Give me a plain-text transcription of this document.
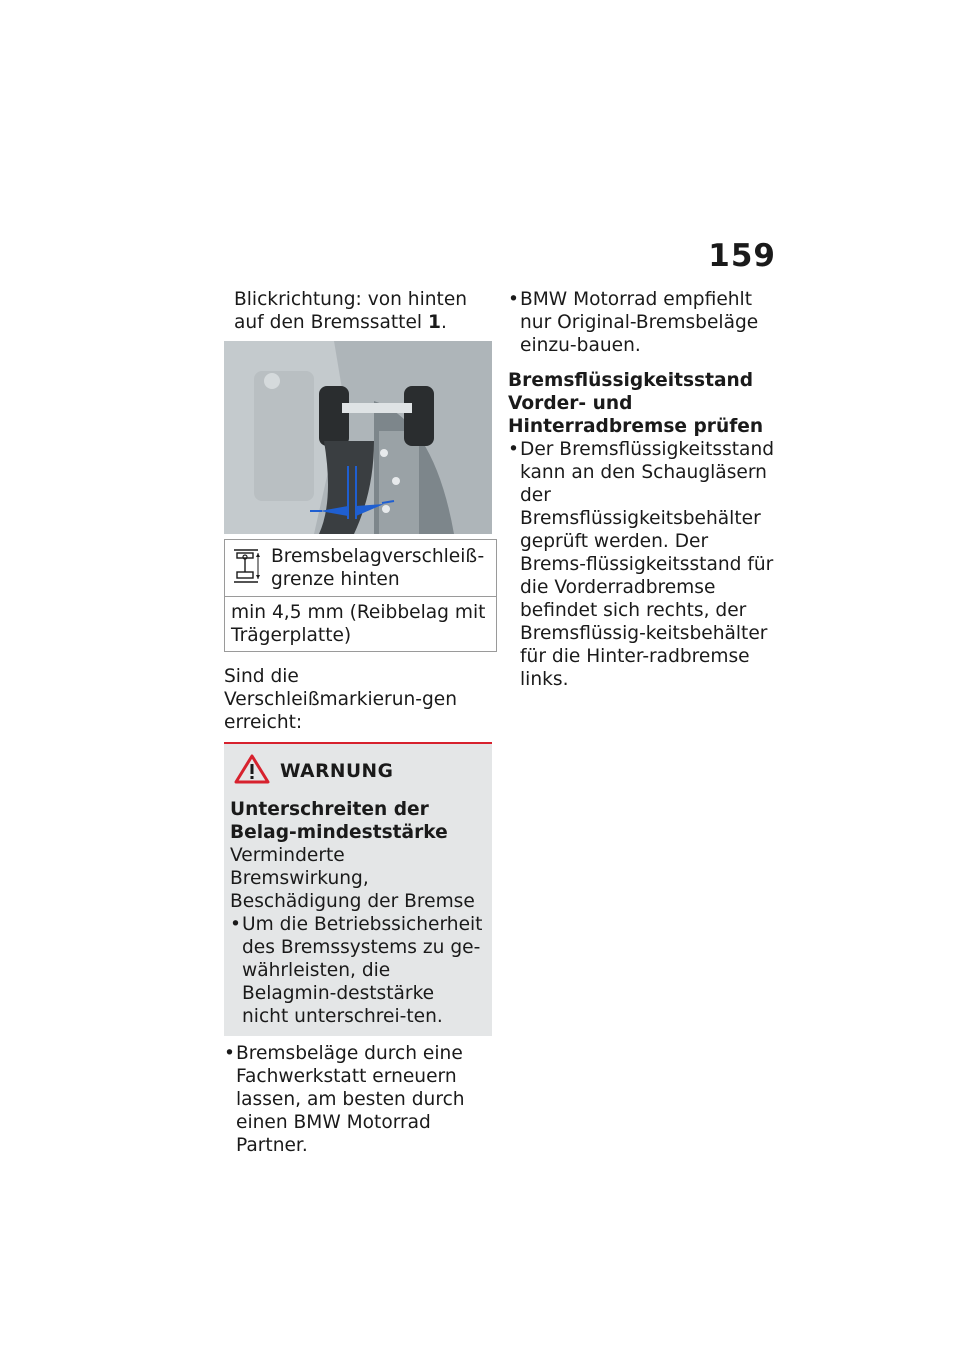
159

Blickrichtung: von hinten auf den Bremssattel 1.

Bremsbelagverschleiß-grenze hinten

min 4,5 mm (Reibbelag mit Trägerplatte)

Sind die Verschleißmarkierun-gen erreicht:

WARNUNG

Unterschreiten der Belag-mindeststärke

Verminderte Bremswirkung, Beschädigung der Bremse

• Um die Betriebssicherheit des Bremssystems zu ge-währleisten, die Belagmin-deststärke nicht unterschrei-ten.
• Bremsbeläge durch eine Fachwerkstatt erneuern lassen, am besten durch einen BMW Motorrad Partner.
• BMW Motorrad empfiehlt nur Original-Bremsbeläge einzu-bauen.
Bremsflüssigkeitsstand Vorder- und Hinterradbremse prüfen
• Der Bremsflüssigkeitsstand kann an den Schaugläsern der Bremsflüssigkeitsbehälter geprüft werden. Der Brems-flüssigkeitsstand für die Vorderradbremse befindet sich rechts, der Bremsflüssig-keitsbehälter für die Hinter-radbremse links.
